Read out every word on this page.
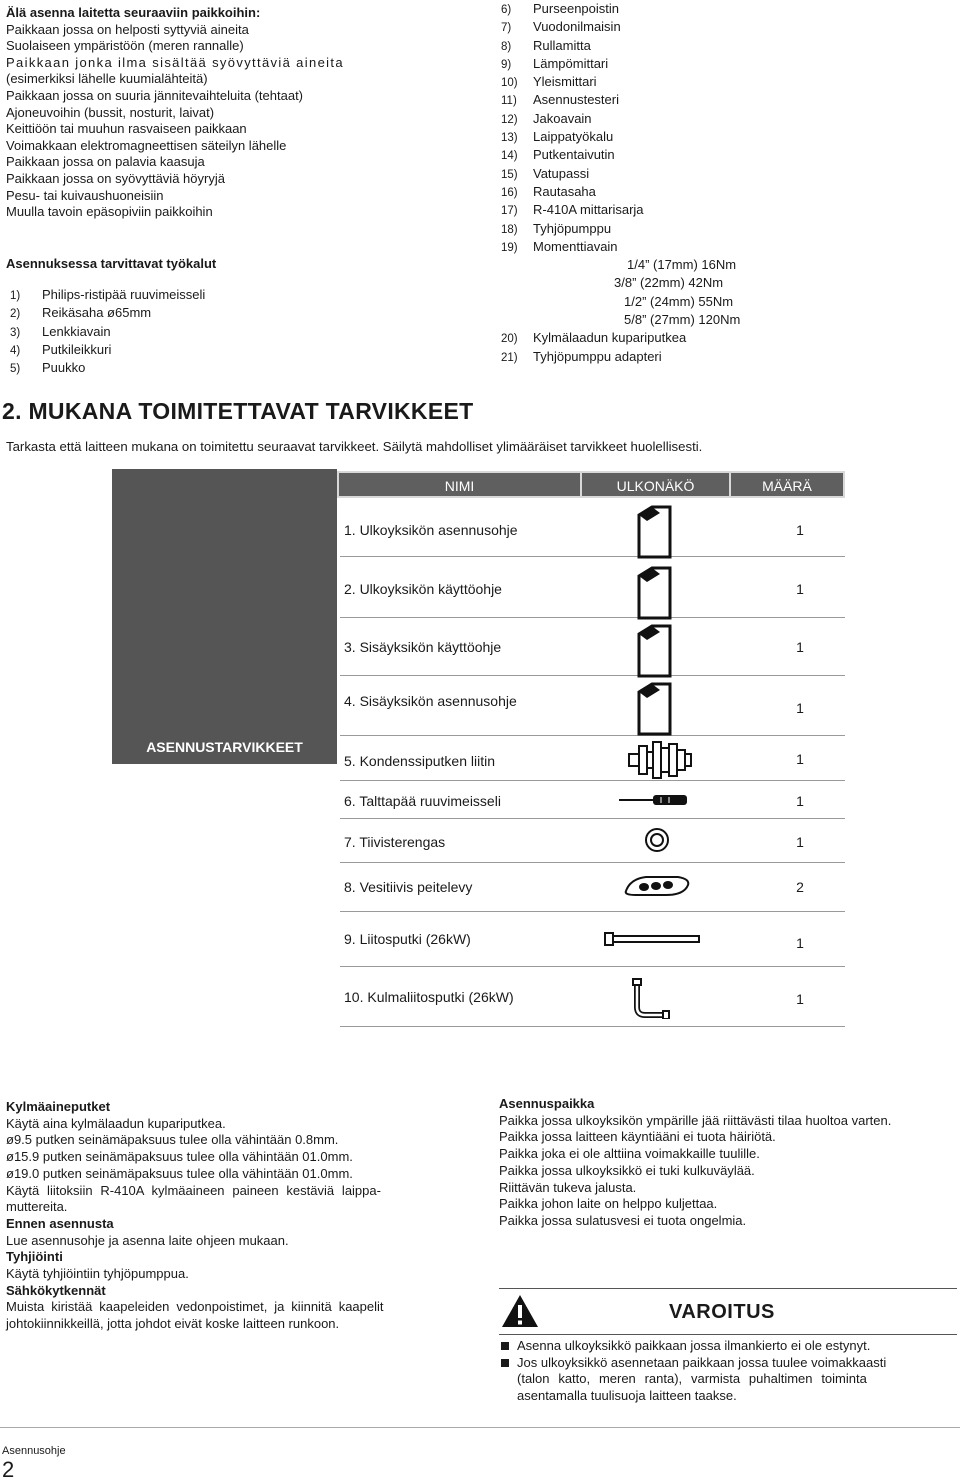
Älä asenna laitetta seuraaviin paikkoihin:
Paikkaan jossa on helposti syttyviä aineita
Suolaiseen ympäristöön (meren rannalle)
Paikkaan jonka ilma sisältää syövyttäviä aineita
(esimerkiksi lähelle kuumialähteitä)
Paikkaan jossa on suuria jännitevaihteluita (tehtaat)
Ajoneuvoihin (bussit, nosturit, laivat)
Keittiöön tai muuhun rasvaiseen paikkaan
Voimakkaan elektromagneettisen säteilyn lähelle
Paikkaan jossa on palavia kaasuja
Paikkaan jossa on syövyttäviä höyryjä
Pesu- tai kuivaushuoneisiin
Muulla tavoin epäsopiviin paikkoihin
Asennuksessa tarvittavat työkalut
1)	Philips-ristipää ruuvimeisseli
2)	Reikäsaha ø65mm
3)	Lenkkiavain
4)	Putkileikkuri
5)	Puukko
6)	Purseenpoistin
7)	Vuodonilmaisin
8)	Rullamitta
9)	Lämpömittari
10)	Yleismittari
11)	Asennustesteri
12)	Jakoavain
13)	Laippatyökalu
14)	Putkentaivutin
15)	Vatupassi
16)	Rautasaha
17)	R-410A mittarisarja
18)	Tyhjöpumppu
19)	Momenttiavain
1/4” (17mm) 16Nm
3/8” (22mm) 42Nm
1/2” (24mm) 55Nm
5/8” (27mm) 120Nm
20)	Kylmälaadun kupariputkea
21)	Tyhjöpumppu adapteri
2. MUKANA TOIMITETTAVAT TARVIKKEET
Tarkasta että laitteen mukana on toimitettu seuraavat tarvikkeet. Säilytä mahdolliset ylimääräiset tarvikkeet huolellisesti.
ASENNUSTARVIKKEET
NIMI	ULKONÄKÖ	MÄÄRÄ
1. Ulkoyksikön asennusohje	1
2. Ulkoyksikön käyttöohje	1
3. Sisäyksikön käyttöohje	1
4. Sisäyksikön asennusohje	1
5. Kondenssiputken liitin	1
6. Talttapää ruuvimeisseli	1
7. Tiivisterengas	1
8. Vesitiivis peitelevy	2
9. Liitosputki (26kW)	1
10. Kulmaliitosputki (26kW)	1
Kylmäaineputket
Käytä aina kylmälaadun kupariputkea.
ø9.5 putken seinämäpaksuus tulee olla vähintään 0.8mm.
ø15.9 putken seinämäpaksuus tulee olla vähintään 01.0mm.
ø19.0 putken seinämäpaksuus tulee olla vähintään 01.0mm.
Käytä liitoksiin R-410A kylmäaineen paineen kestäviä laippa-
muttereita.
Ennen asennusta
Lue asennusohje ja asenna laite ohjeen mukaan.
Tyhjiöinti
Käytä tyhjiöintiin tyhjöpumppua.
Sähkökytkennät
Muista kiristää kaapeleiden vedonpoistimet, ja kiinnitä kaapelit
johtokiinnikkeillä, jotta johdot eivät koske laitteen runkoon.
Asennuspaikka
Paikka jossa ulkoyksikön ympärille jää riittävästi tilaa huoltoa varten.
Paikka jossa laitteen käyntiääni ei tuota häiriötä.
Paikka joka ei ole alttiina voimakkaille tuulille.
Paikka jossa ulkoyksikkö ei tuki kulkuväylää.
Riittävän tukeva jalusta.
Paikka johon laite on helppo kuljettaa.
Paikka jossa sulatusvesi ei tuota ongelmia.
VAROITUS
Asenna ulkoyksikkö paikkaan jossa ilmankierto ei ole estynyt.
Jos ulkoyksikkö asennetaan paikkaan jossa tuulee voimakkaasti
(talon katto, meren ranta), varmista puhaltimen toiminta
asentamalla tuulisuoja laitteen taakse.
Asennusohje
2
